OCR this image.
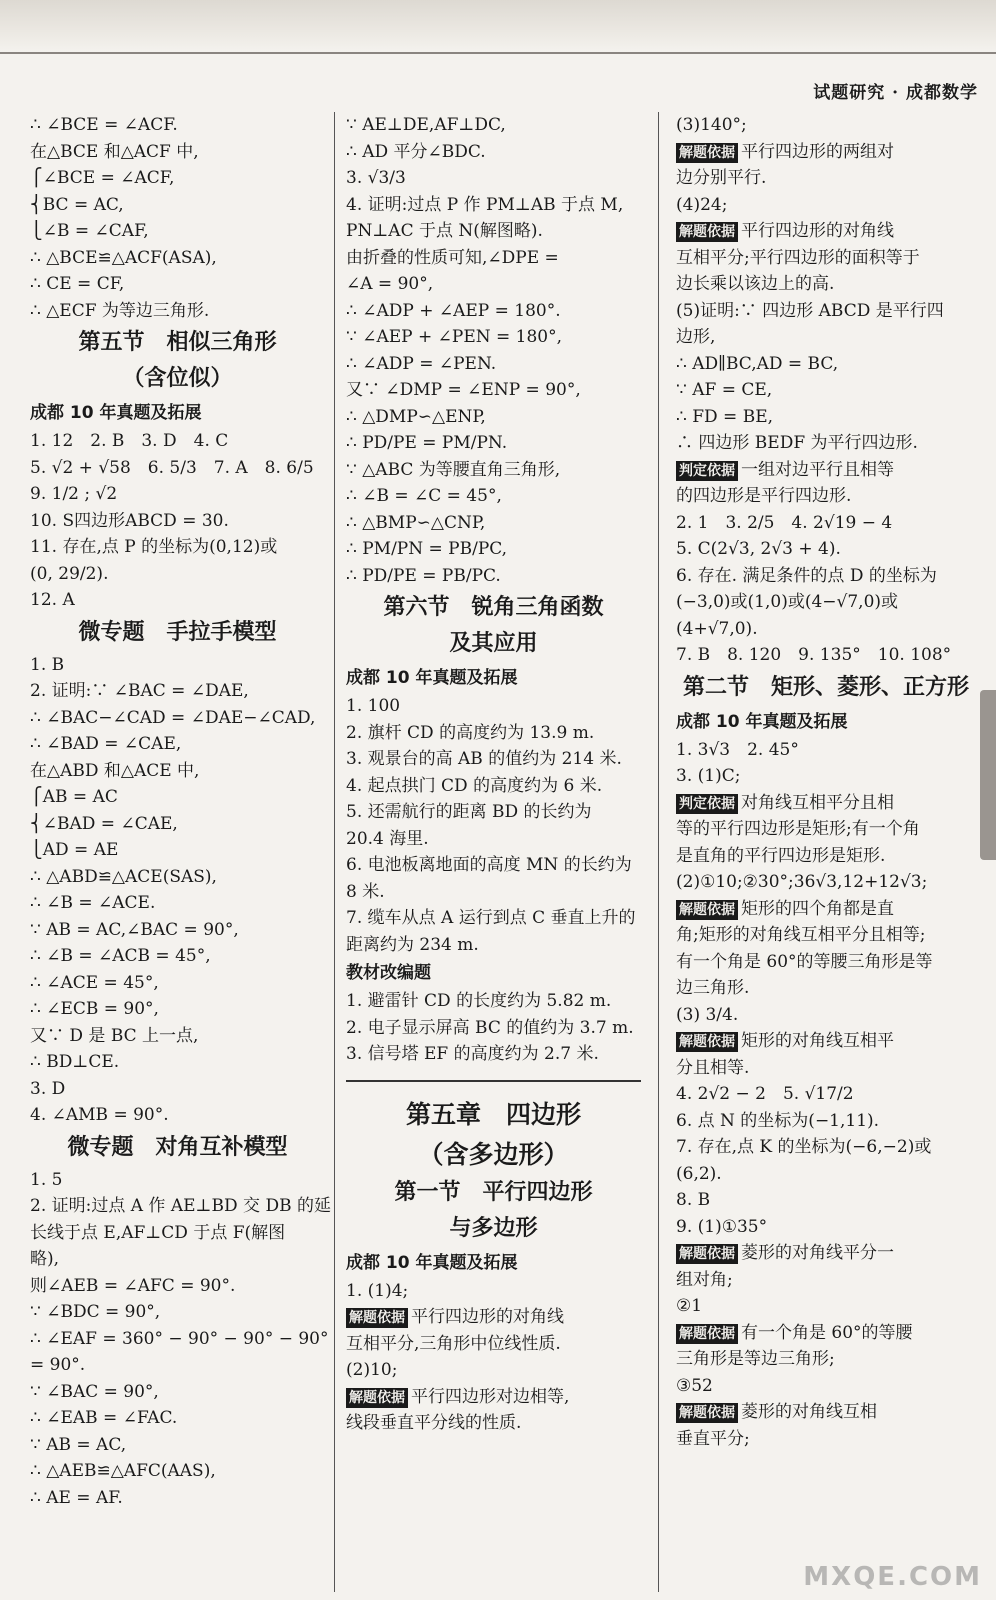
试题研究 · 成都数学
∴ ∠BCE = ∠ACF.
在△BCE 和△ACF 中,
⎧∠BCE = ∠ACF,
⎨BC = AC,
⎩∠B = ∠CAF,
∴ △BCE≌△ACF(ASA),
∴ CE = CF,
∴ △ECF 为等边三角形.
第五节　相似三角形
（含位似）
成都 10 年真题及拓展
1. 12　2. B　3. D　4. C
5. √2 + √58　6. 5/3　7. A　8. 6/5
9. 1/2 ; √2
10. S四边形ABCD = 30.
11. 存在,点 P 的坐标为(0,12)或
(0, 29/2).
12. A
微专题　手拉手模型
1. B
2. 证明:∵ ∠BAC = ∠DAE,
∴ ∠BAC−∠CAD = ∠DAE−∠CAD,
∴ ∠BAD = ∠CAE,
在△ABD 和△ACE 中,
⎧AB = AC
⎨∠BAD = ∠CAE,
⎩AD = AE
∴ △ABD≌△ACE(SAS),
∴ ∠B = ∠ACE.
∵ AB = AC,∠BAC = 90°,
∴ ∠B = ∠ACB = 45°,
∴ ∠ACE = 45°,
∴ ∠ECB = 90°,
又∵ D 是 BC 上一点,
∴ BD⊥CE.
3. D
4. ∠AMB = 90°.
微专题　对角互补模型
1. 5
2. 证明:过点 A 作 AE⊥BD 交 DB 的延
长线于点 E,AF⊥CD 于点 F(解图
略),
则∠AEB = ∠AFC = 90°.
∵ ∠BDC = 90°,
∴ ∠EAF = 360° − 90° − 90° − 90°
= 90°.
∵ ∠BAC = 90°,
∴ ∠EAB = ∠FAC.
∵ AB = AC,
∴ △AEB≌△AFC(AAS),
∴ AE = AF.
∵ AE⊥DE,AF⊥DC,
∴ AD 平分∠BDC.
3. √3/3
4. 证明:过点 P 作 PM⊥AB 于点 M,
PN⊥AC 于点 N(解图略).
由折叠的性质可知,∠DPE =
∠A = 90°,
∴ ∠ADP + ∠AEP = 180°.
∵ ∠AEP + ∠PEN = 180°,
∴ ∠ADP = ∠PEN.
又∵ ∠DMP = ∠ENP = 90°,
∴ △DMP∽△ENP,
∴ PD/PE = PM/PN.
∵ △ABC 为等腰直角三角形,
∴ ∠B = ∠C = 45°,
∴ △BMP∽△CNP,
∴ PM/PN = PB/PC,
∴ PD/PE = PB/PC.
第六节　锐角三角函数
及其应用
成都 10 年真题及拓展
1. 100
2. 旗杆 CD 的高度约为 13.9 m.
3. 观景台的高 AB 的值约为 214 米.
4. 起点拱门 CD 的高度约为 6 米.
5. 还需航行的距离 BD 的长约为
20.4 海里.
6. 电池板离地面的高度 MN 的长约为
8 米.
7. 缆车从点 A 运行到点 C 垂直上升的
距离约为 234 m.
教材改编题
1. 避雷针 CD 的长度约为 5.82 m.
2. 电子显示屏高 BC 的值约为 3.7 m.
3. 信号塔 EF 的高度约为 2.7 米.
第五章　四边形
（含多边形）
第一节　平行四边形
与多边形
成都 10 年真题及拓展
1. (1)4;
解题依据 平行四边形的对角线
互相平分,三角形中位线性质.
(2)10;
解题依据 平行四边形对边相等,
线段垂直平分线的性质.
(3)140°;
解题依据 平行四边形的两组对
边分别平行.
(4)24;
解题依据 平行四边形的对角线
互相平分;平行四边形的面积等于
边长乘以该边上的高.
(5)证明:∵ 四边形 ABCD 是平行四
边形,
∴ AD∥BC,AD = BC,
∵ AF = CE,
∴ FD = BE,
∴ 四边形 BEDF 为平行四边形.
判定依据 一组对边平行且相等
的四边形是平行四边形.
2. 1　3. 2/5　4. 2√19 − 4
5. C(2√3, 2√3 + 4).
6. 存在. 满足条件的点 D 的坐标为
(−3,0)或(1,0)或(4−√7,0)或
(4+√7,0).
7. B　8. 120　9. 135°　10. 108°
第二节　矩形、菱形、正方形
成都 10 年真题及拓展
1. 3√3　2. 45°
3. (1)C;
判定依据 对角线互相平分且相
等的平行四边形是矩形;有一个角
是直角的平行四边形是矩形.
(2)①10;②30°;36√3,12+12√3;
解题依据 矩形的四个角都是直
角;矩形的对角线互相平分且相等;
有一个角是 60°的等腰三角形是等
边三角形.
(3) 3/4.
解题依据 矩形的对角线互相平
分且相等.
4. 2√2 − 2　5. √17/2
6. 点 N 的坐标为(−1,11).
7. 存在,点 K 的坐标为(−6,−2)或
(6,2).
8. B
9. (1)①35°
解题依据 菱形的对角线平分一
组对角;
②1
解题依据 有一个角是 60°的等腰
三角形是等边三角形;
③52
解题依据 菱形的对角线互相
垂直平分;
MXQE.COM
